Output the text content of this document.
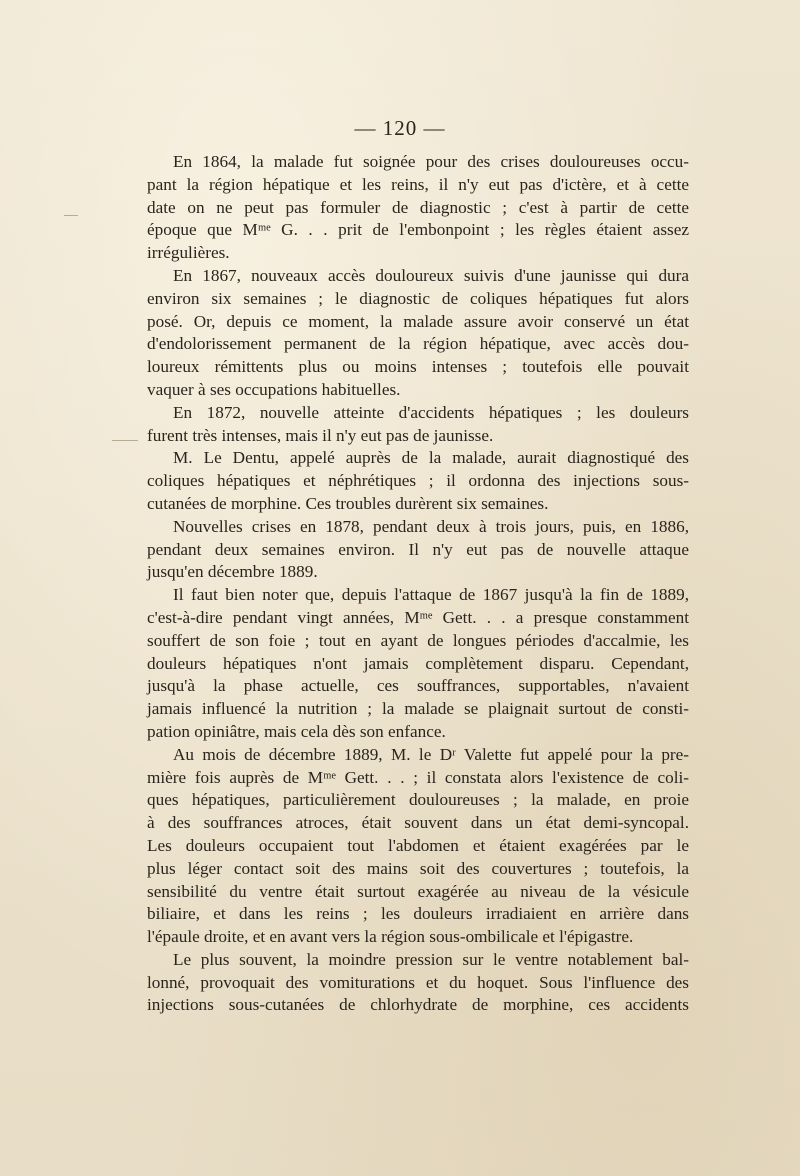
— 120 —
En 1864, la malade fut soignée pour des crises douloureuses occu-
pant la région hépatique et les reins, il n'y eut pas d'ictère, et à cette
date on ne peut pas formuler de diagnostic ; c'est à partir de cette
époque que Mᵐᵉ G. . . prit de l'embonpoint ; les règles étaient assez
irrégulières.
En 1867, nouveaux accès douloureux suivis d'une jaunisse qui dura
environ six semaines ; le diagnostic de coliques hépatiques fut alors
posé. Or, depuis ce moment, la malade assure avoir conservé un état
d'endolorissement permanent de la région hépatique, avec accès dou-
loureux rémittents plus ou moins intenses ; toutefois elle pouvait
vaquer à ses occupations habituelles.
En 1872, nouvelle atteinte d'accidents hépatiques ; les douleurs
furent très intenses, mais il n'y eut pas de jaunisse.
M. Le Dentu, appelé auprès de la malade, aurait diagnostiqué des
coliques hépatiques et néphrétiques ; il ordonna des injections sous-
cutanées de morphine. Ces troubles durèrent six semaines.
Nouvelles crises en 1878, pendant deux à trois jours, puis, en 1886,
pendant deux semaines environ. Il n'y eut pas de nouvelle attaque
jusqu'en décembre 1889.
Il faut bien noter que, depuis l'attaque de 1867 jusqu'à la fin de 1889,
c'est-à-dire pendant vingt années, Mᵐᵉ Gett. . . a presque constamment
souffert de son foie ; tout en ayant de longues périodes d'accalmie, les
douleurs hépatiques n'ont jamais complètement disparu. Cependant,
jusqu'à la phase actuelle, ces souffrances, supportables, n'avaient
jamais influencé la nutrition ; la malade se plaignait surtout de consti-
pation opiniâtre, mais cela dès son enfance.
Au mois de décembre 1889, M. le Dʳ Valette fut appelé pour la pre-
mière fois auprès de Mᵐᵉ Gett. . . ; il constata alors l'existence de coli-
ques hépatiques, particulièrement douloureuses ; la malade, en proie
à des souffrances atroces, était souvent dans un état demi-syncopal.
Les douleurs occupaient tout l'abdomen et étaient exagérées par le
plus léger contact soit des mains soit des couvertures ; toutefois, la
sensibilité du ventre était surtout exagérée au niveau de la vésicule
biliaire, et dans les reins ; les douleurs irradiaient en arrière dans
l'épaule droite, et en avant vers la région sous-ombilicale et l'épigastre.
Le plus souvent, la moindre pression sur le ventre notablement bal-
lonné, provoquait des vomiturations et du hoquet. Sous l'influence des
injections sous-cutanées de chlorhydrate de morphine, ces accidents
